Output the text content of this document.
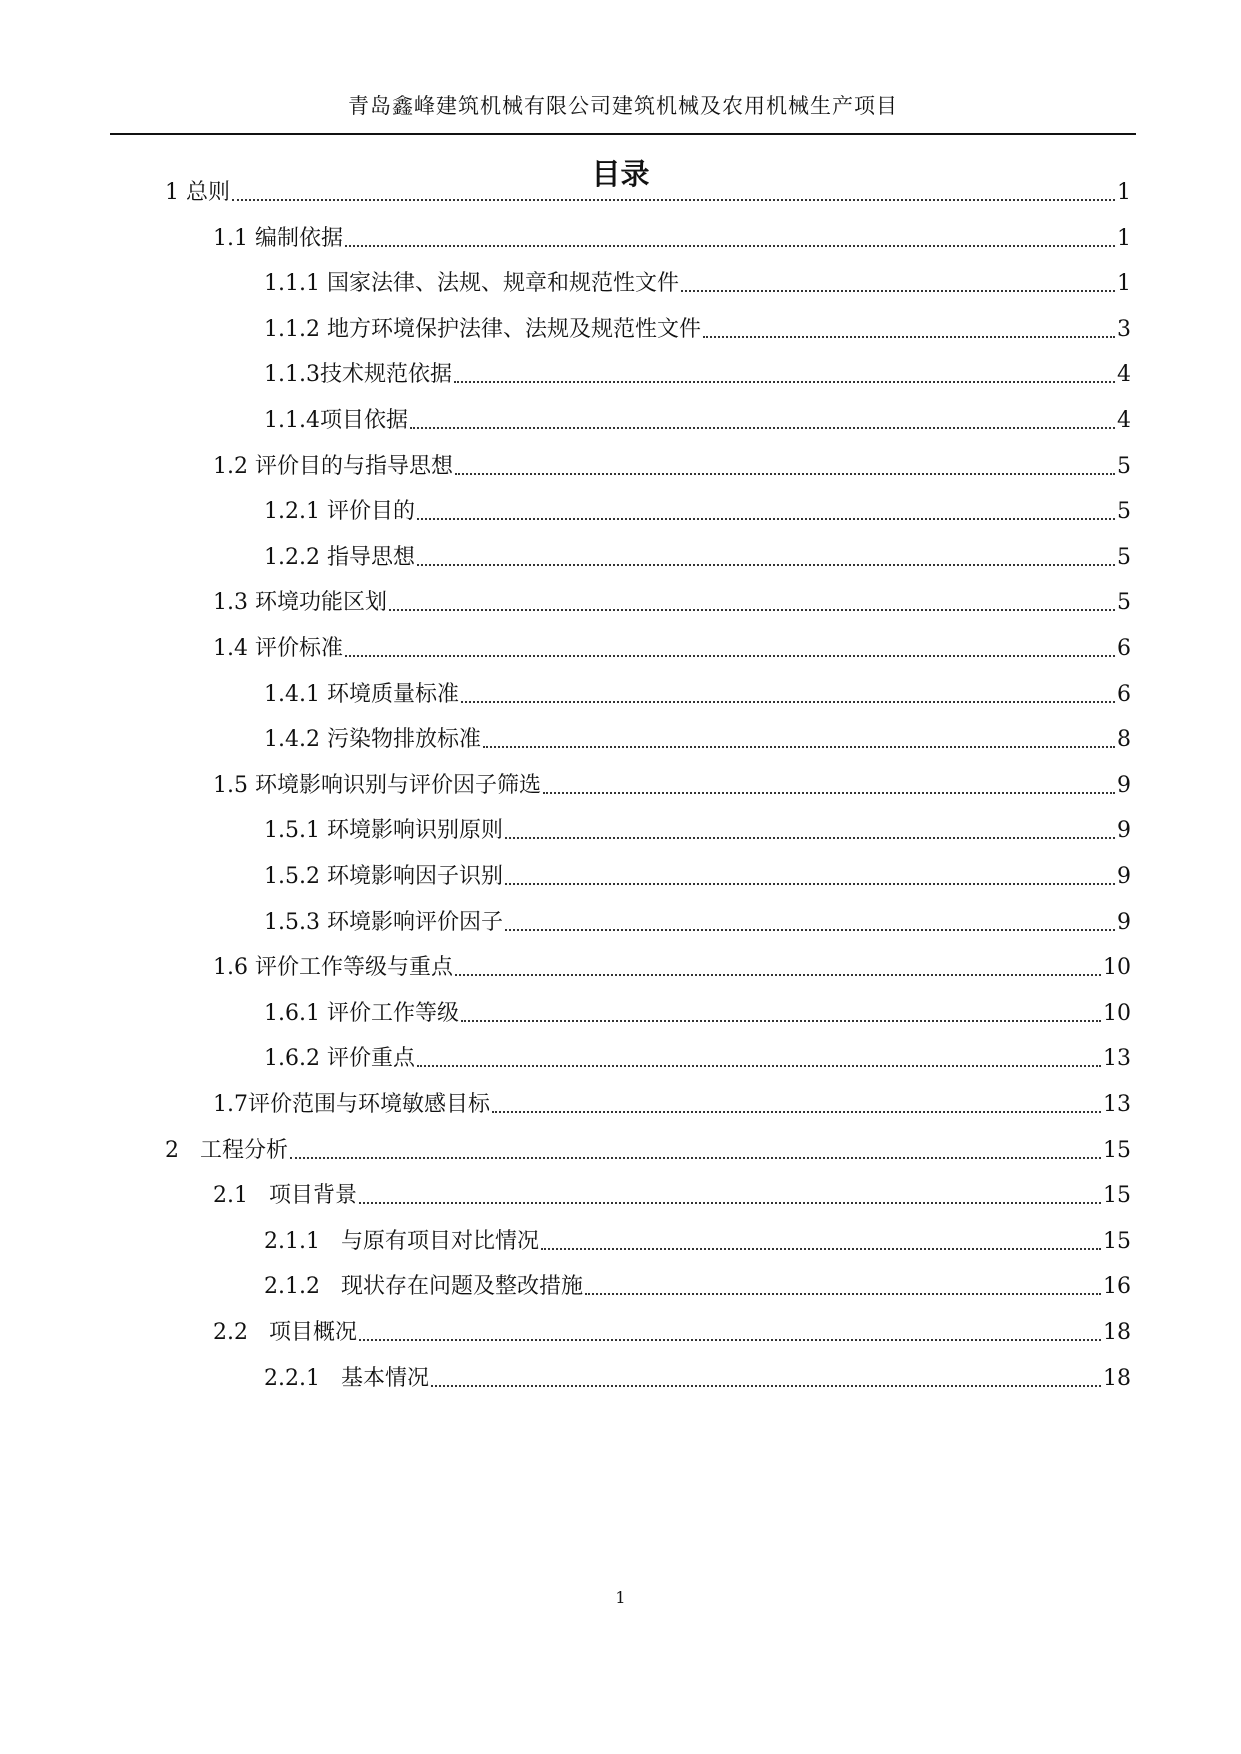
青岛鑫峰建筑机械有限公司建筑机械及农用机械生产项目
目录
1 总则	1
1.1 编制依据	1
1.1.1 国家法律、法规、规章和规范性文件	1
1.1.2 地方环境保护法律、法规及规范性文件	3
1.1.3 技术规范依据	4
1.1.4 项目依据	4
1.2 评价目的与指导思想	5
1.2.1 评价目的	5
1.2.2 指导思想	5
1.3 环境功能区划	5
1.4 评价标准	6
1.4.1 环境质量标准	6
1.4.2 污染物排放标准	8
1.5 环境影响识别与评价因子筛选	9
1.5.1 环境影响识别原则	9
1.5.2 环境影响因子识别	9
1.5.3 环境影响评价因子	9
1.6 评价工作等级与重点	10
1.6.1 评价工作等级	10
1.6.2 评价重点	13
1.7 评价范围与环境敏感目标	13
2 工程分析	15
2.1 项目背景	15
2.1.1 与原有项目对比情况	15
2.1.2 现状存在问题及整改措施	16
2.2 项目概况	18
2.2.1 基本情况	18
1
